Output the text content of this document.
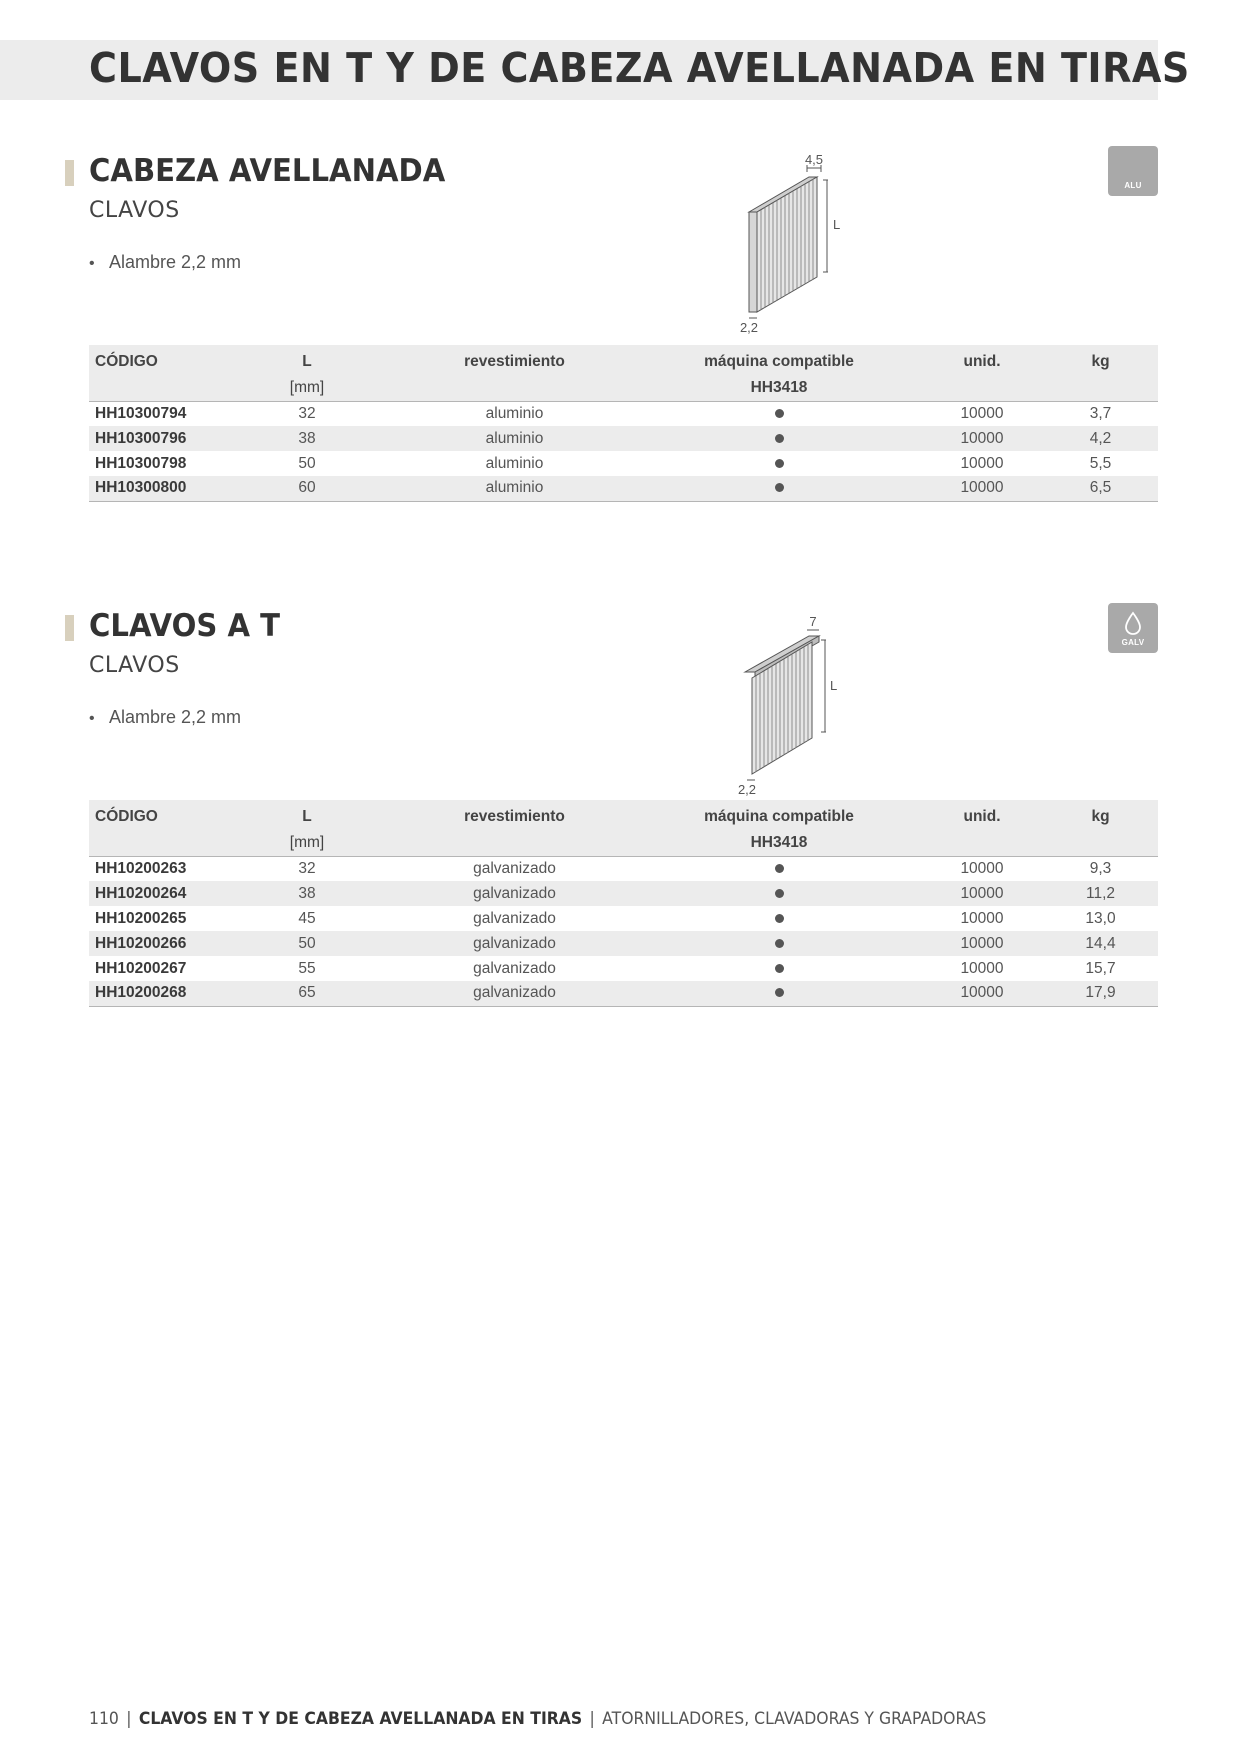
CLAVOS EN T Y DE CABEZA AVELLANADA EN TIRAS
CABEZA AVELLANADA
CLAVOS
• Alambre 2,2 mm
ALU
4,5
L
2,2
CÓDIGO	L	revestimiento	máquina compatible	unid.	kg
	[mm]		HH3418		
HH10300794	32	aluminio		10000	3,7
HH10300796	38	aluminio		10000	4,2
HH10300798	50	aluminio		10000	5,5
HH10300800	60	aluminio		10000	6,5
CLAVOS A T
CLAVOS
• Alambre 2,2 mm
GALV
7
L
2,2
CÓDIGO	L	revestimiento	máquina compatible	unid.	kg
	[mm]		HH3418		
HH10200263	32	galvanizado		10000	9,3
HH10200264	38	galvanizado		10000	11,2
HH10200265	45	galvanizado		10000	13,0
HH10200266	50	galvanizado		10000	14,4
HH10200267	55	galvanizado		10000	15,7
HH10200268	65	galvanizado		10000	17,9
110 | CLAVOS EN T Y DE CABEZA AVELLANADA EN TIRAS | ATORNILLADORES, CLAVADORAS Y GRAPADORAS
